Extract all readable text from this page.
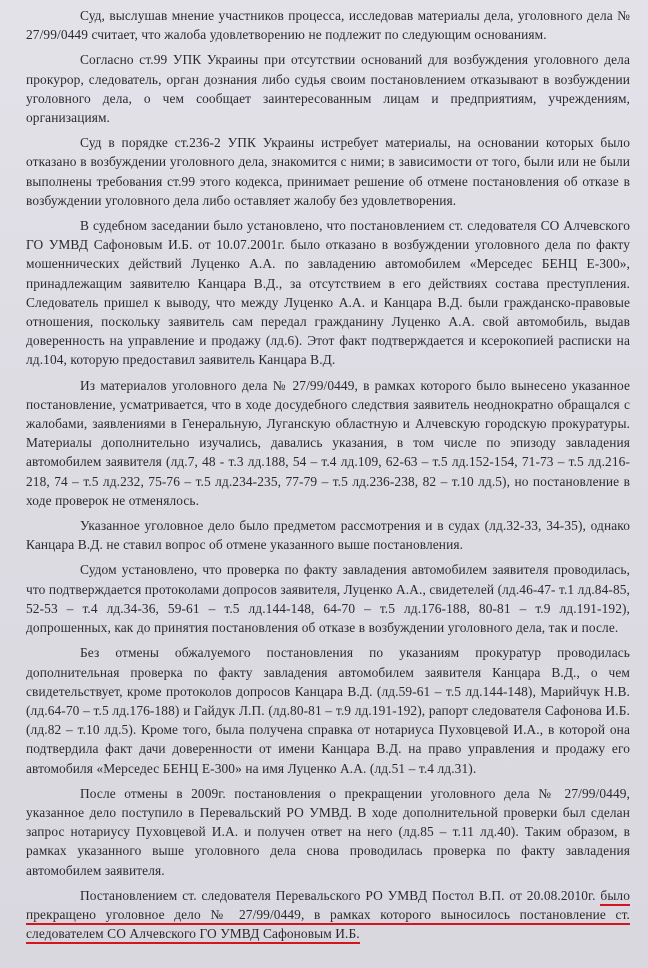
Суд, выслушав мнение участников процесса, исследовав материалы дела, уголовного дела № 27/99/0449 считает, что жалоба удовлетворению не подлежит по следующим основаниям.

Согласно ст.99 УПК Украины при отсутствии оснований для возбуждения уголовного дела прокурор, следователь, орган дознания либо судья своим постановлением отказывают в возбуждении уголовного дела, о чем сообщает заинтересованным лицам и предприятиям, учреждениям, организациям.

Суд в порядке ст.236-2 УПК Украины истребует материалы, на основании которых было отказано в возбуждении уголовного дела, знакомится с ними; в зависимости от того, были или не были выполнены требования ст.99 этого кодекса, принимает решение об отмене постановления об отказе в возбуждении уголовного дела либо оставляет жалобу без удовлетворения.

В судебном заседании было установлено, что постановлением ст. следователя СО Алчевского ГО УМВД Сафоновым И.Б. от 10.07.2001г. было отказано в возбуждении уголовного дела по факту мошеннических действий Луценко А.А. по завладению автомобилем «Мерседес БЕНЦ Е-300», принадлежащим заявителю Канцара В.Д., за отсутствием в его действиях состава преступления. Следователь пришел к выводу, что между Луценко А.А. и Канцара В.Д. были гражданско-правовые отношения, поскольку заявитель сам передал гражданину Луценко А.А. свой автомобиль, выдав доверенность на управление и продажу (лд.6). Этот факт подтверждается и ксерокопией расписки на лд.104, которую предоставил заявитель Канцара В.Д.

Из материалов уголовного дела № 27/99/0449, в рамках которого было вынесено указанное постановление, усматривается, что в ходе досудебного следствия заявитель неоднократно обращался с жалобами, заявлениями в Генеральную, Луганскую областную и Алчевскую городскую прокуратуры. Материалы дополнительно изучались, давались указания, в том числе по эпизоду завладения автомобилем заявителя (лд.7, 48 - т.3 лд.188, 54 – т.4 лд.109, 62-63 – т.5 лд.152-154, 71-73 – т.5 лд.216-218, 74 – т.5 лд.232, 75-76 – т.5 лд.234-235, 77-79 – т.5 лд.236-238, 82 – т.10 лд.5), но постановление в ходе проверок не отменялось.

Указанное уголовное дело было предметом рассмотрения и в судах (лд.32-33, 34-35), однако Канцара В.Д. не ставил вопрос об отмене указанного выше постановления.

Судом установлено, что проверка по факту завладения автомобилем заявителя проводилась, что подтверждается протоколами допросов заявителя, Луценко А.А., свидетелей (лд.46-47- т.1 лд.84-85, 52-53 – т.4 лд.34-36, 59-61 – т.5 лд.144-148, 64-70 – т.5 лд.176-188, 80-81 – т.9 лд.191-192), допрошенных, как до принятия постановления об отказе в возбуждении уголовного дела, так и после.

Без отмены обжалуемого постановления по указаниям прокуратур проводилась дополнительная проверка по факту завладения автомобилем заявителя Канцара В.Д., о чем свидетельствует, кроме протоколов допросов Канцара В.Д. (лд.59-61 – т.5 лд.144-148), Марийчук Н.В. (лд.64-70 – т.5 лд.176-188) и Гайдук Л.П. (лд.80-81 – т.9 лд.191-192), рапорт следователя Сафонова И.Б. (лд.82 – т.10 лд.5). Кроме того, была получена справка от нотариуса Пуховцевой И.А., в которой она подтвердила факт дачи доверенности от имени Канцара В.Д. на право управления и продажу его автомобиля «Мерседес БЕНЦ Е-300» на имя Луценко А.А. (лд.51 – т.4 лд.31).

После отмены в 2009г. постановления о прекращении уголовного дела № 27/99/0449, указанное дело поступило в Перевальский РО УМВД. В ходе дополнительной проверки был сделан запрос нотариусу Пуховцевой И.А. и получен ответ на него (лд.85 – т.11 лд.40). Таким образом, в рамках указанного выше уголовного дела снова проводилась проверка по факту завладения автомобилем заявителя.

Постановлением ст. следователя Перевальского РО УМВД Постол В.П. от 20.08.2010г. было прекращено уголовное дело № 27/99/0449, в рамках которого выносилось постановление ст. следователем СО Алчевского ГО УМВД Сафоновым И.Б.
